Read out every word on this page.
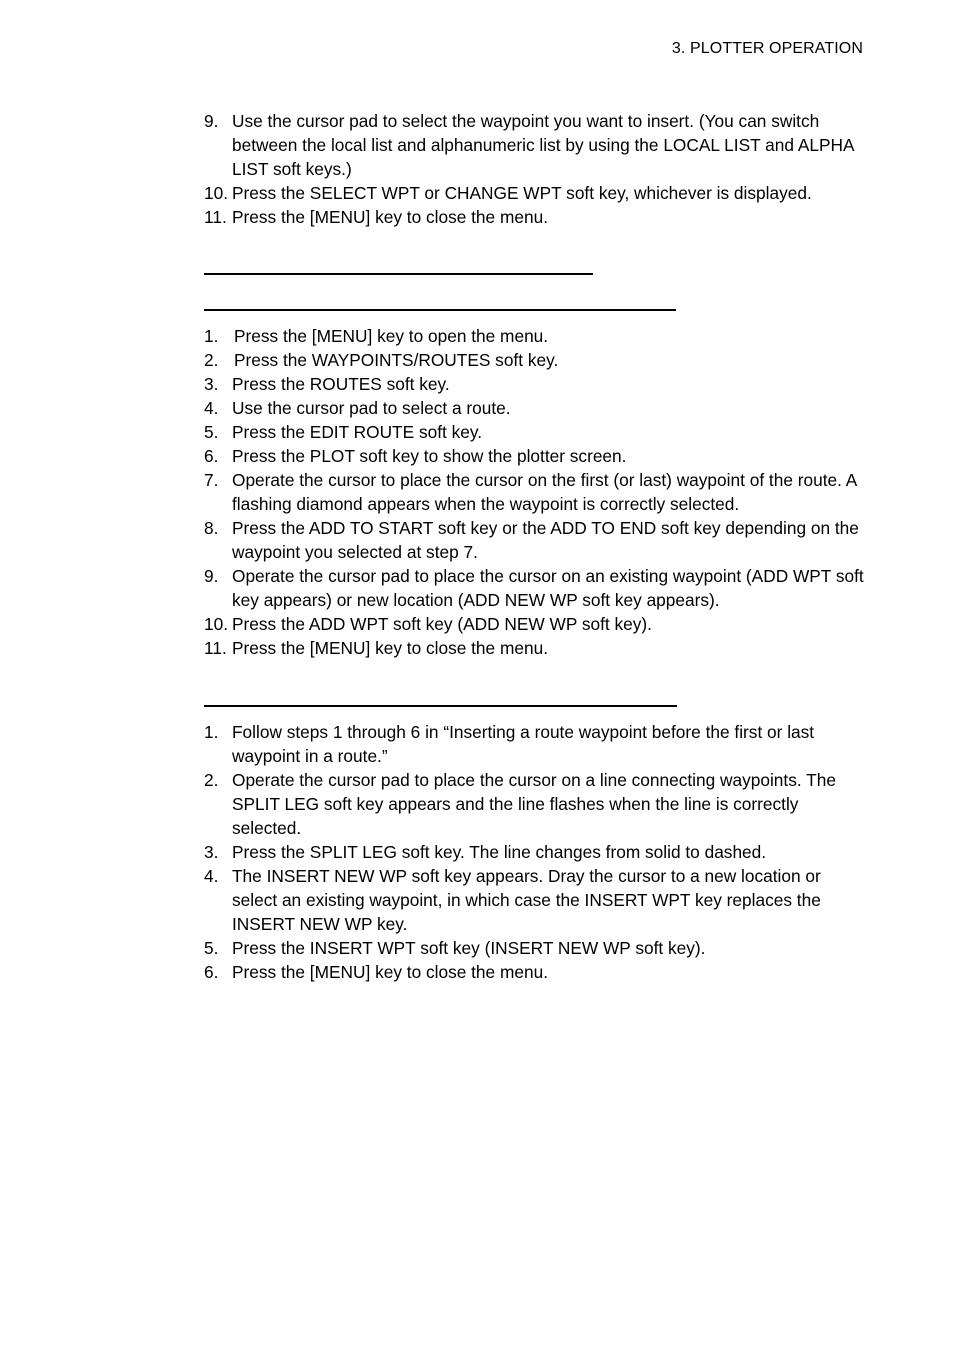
3. PLOTTER OPERATION
9. Use the cursor pad to select the waypoint you want to insert. (You can switch between the local list and alphanumeric list by using the LOCAL LIST and ALPHA LIST soft keys.)
10. Press the SELECT WPT or CHANGE WPT soft key, whichever is displayed.
11. Press the [MENU] key to close the menu.
1. Press the [MENU] key to open the menu.
2. Press the WAYPOINTS/ROUTES soft key.
3. Press the ROUTES soft key.
4. Use the cursor pad to select a route.
5. Press the EDIT ROUTE soft key.
6. Press the PLOT soft key to show the plotter screen.
7. Operate the cursor to place the cursor on the first (or last) waypoint of the route. A flashing diamond appears when the waypoint is correctly selected.
8. Press the ADD TO START soft key or the ADD TO END soft key depending on the waypoint you selected at step 7.
9. Operate the cursor pad to place the cursor on an existing waypoint (ADD WPT soft key appears) or new location (ADD NEW WP soft key appears).
10. Press the ADD WPT soft key (ADD NEW WP soft key).
11. Press the [MENU] key to close the menu.
1. Follow steps 1 through 6 in “Inserting a route waypoint before the first or last waypoint in a route.”
2. Operate the cursor pad to place the cursor on a line connecting waypoints. The SPLIT LEG soft key appears and the line flashes when the line is correctly selected.
3. Press the SPLIT LEG soft key. The line changes from solid to dashed.
4. The INSERT NEW WP soft key appears. Dray the cursor to a new location or select an existing waypoint, in which case the INSERT WPT key replaces the INSERT NEW WP key.
5. Press the INSERT WPT soft key (INSERT NEW WP soft key).
6. Press the [MENU] key to close the menu.
